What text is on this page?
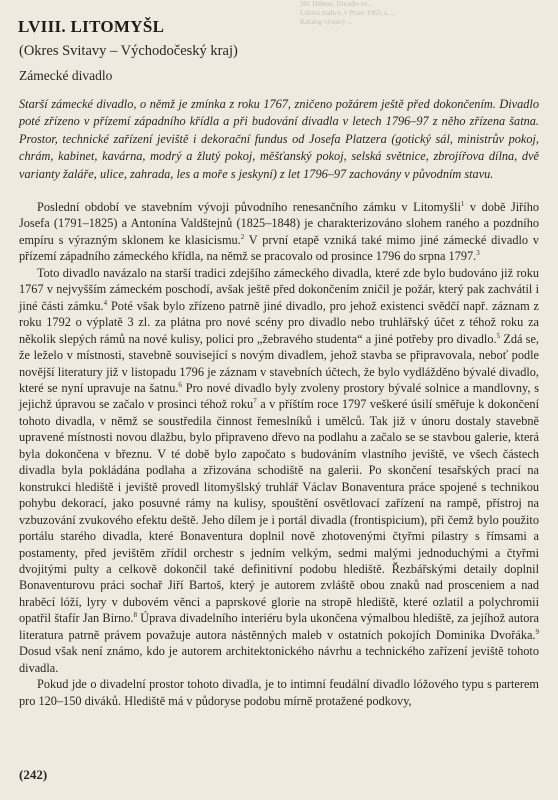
201 Hübner, Divadlo ve...
Lidová tradice, v Praze 1963, s. ...
Katalog výstavy ...
LVIII. LITOMYŠL
(Okres Svitavy – Východočeský kraj)
Zámecké divadlo

Starší zámecké divadlo, o němž je zmínka z roku 1767, zničeno požárem ještě před dokončením. Divadlo poté zřízeno v přízemí západního křídla a při budování divadla v letech 1796–97 z něho zřízena šatna. Prostor, technické zařízení jeviště i dekorační fundus od Josefa Platzera (gotický sál, ministrův pokoj, chrám, kabinet, kavárna, modrý a žlutý pokoj, měšťanský pokoj, selská světnice, zbrojířova dílna, dvě varianty žaláře, ulice, zahrada, les a moře s jeskyní) z let 1796–97 zachovány v původním stavu.

Poslední období ve stavebním vývoji původního renesančního zámku v Litomyšli$^1$ v době Jiřího Josefa (1791–1825) a Antonína Valdštejnů (1825–1848) je charakterizováno slohem raného a pozdního empíru s výrazným sklonem ke klasicismu.$^2$ V první etapě vzniká také mimo jiné zámecké divadlo v přízemí západního zámeckého křídla, na němž se pracovalo od prosince 1796 do srpna 1797.$^3$

Toto divadlo navázalo na starší tradici zdejšího zámeckého divadla, které zde bylo budováno již roku 1767 v nejvyšším zámeckém poschodí, avšak ještě před dokončením zničil je požár, který pak zachvátil i jiné části zámku.$^4$ Poté však bylo zřízeno patrně jiné divadlo, pro jehož existenci svědčí např. záznam z roku 1792 o výplatě 3 zl. za plátna pro nové scény pro divadlo nebo truhlářský účet z téhož roku za několik slepých rámů na nové kulisy, polici pro „žebravého studenta“ a jiné potřeby pro divadlo.$^5$ Zdá se, že leželo v místnosti, stavebně související s novým divadlem, jehož stavba se připravovala, neboť podle novější literatury již v listopadu 1796 je záznam v stavebních účtech, že bylo vydlážděno bývalé divadlo, které se nyní upravuje na šatnu.$^6$ Pro nové divadlo byly zvoleny prostory bývalé solnice a mandlovny, s jejichž úpravou se začalo v prosinci téhož roku$^7$ a v příštím roce 1797 veškeré úsilí směřuje k dokončení tohoto divadla, v němž se soustředila činnost řemeslníků i umělců. Tak již v únoru dostaly stavebně upravené místnosti novou dlažbu, bylo připraveno dřevo na podlahu a začalo se se stavbou galerie, která byla dokončena v březnu. V té době bylo započato s budováním vlastního jeviště, ve všech částech divadla byla pokládána podlaha a zřizována schodiště na galerii. Po skončení tesařských prací na konstrukci hlediště i jeviště provedl litomyšlský truhlář Václav Bonaventura práce spojené s technikou pohybu dekorací, jako posuvné rámy na kulisy, spouštění osvětlovací zařízení na rampě, přístroj na vzbuzování zvukového efektu deště. Jeho dílem je i portál divadla (frontispicium), při čemž bylo použito portálu starého divadla, které Bonaventura doplnil nově zhotovenými čtyřmi pilastry s římsami a postamenty, před jevištěm zřídil orchestr s jedním velkým, sedmi malými jednoduchými a čtyřmi dvojitými pulty a celkově dokončil také definitivní podobu hlediště. Řezbářskými detaily doplnil Bonaventurovu práci sochař Jiří Bartoš, který je autorem zvláště obou znaků nad prosceniem a nad hraběcí lóží, lyry v dubovém věnci a paprskové glorie na stropě hlediště, které ozlatil a polychromii opatřil štafír Jan Birno.$^8$ Úprava divadelního interiéru byla ukončena výmalbou hlediště, za jejíhož autora literatura patrně právem považuje autora nástěnných maleb v ostatních pokojích Dominika Dvořáka.$^9$ Dosud však není známo, kdo je autorem architektonického návrhu a technického zařízení jeviště tohoto divadla.

Pokud jde o divadelní prostor tohoto divadla, je to intimní feudální divadlo lóžového typu s parterem pro 120–150 diváků. Hlediště má v půdoryse podobu mírně protažené podkovy,

(242)
